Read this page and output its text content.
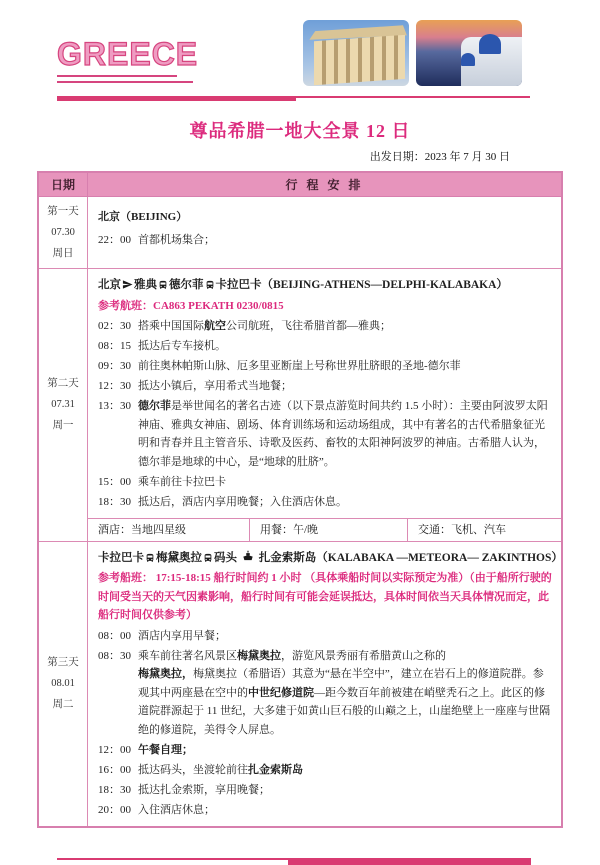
GREECE
尊品希腊一地大全景 12 日
出发日期：2023 年 7 月 30 日
日期	行 程 安 排
第一天
07.30
周日
北京（BEIJING）
22：00 首都机场集合；
第二天
07.31
周一
北京 雅典 德尔菲 卡拉巴卡（BEIJING-ATHENS—DELPHI-KALABAKA）
参考航班：CA863 PEKATH 0230/0815
02：30 搭乘中国国际航空公司航班，飞往希腊首都—雅典；
08：15 抵达后专车接机。
09：30 前往奥林帕斯山脉、厄多里亚断崖上号称世界肚脐眼的圣地-德尔菲
12：30 抵达小镇后，享用希式当地餐；
13：30 德尔菲是举世闻名的著名古迹（以下景点游览时间共约 1.5 小时）：主要由阿波罗太阳神庙、雅典女神庙、剧场、体育训练场和运动场组成，其中有著名的古代希腊象征光明和青春并且主管音乐、诗歌及医药、畜牧的太阳神阿波罗的神庙。古希腊人认为，德尔菲是地球的中心，是“地球的肚脐”。
15：00 乘车前往卡拉巴卡
18：30 抵达后，酒店内享用晚餐；入住酒店休息。
酒店：当地四星级	用餐：午/晚	交通：飞机、汽车
第三天
08.01
周二
卡拉巴卡 梅黛奥拉 码头 扎金索斯岛（KALABAKA —METEORA— ZAKINTHOS）
参考船班： 17:15-18:15 船行时间约 1 小时 （具体乘船时间以实际预定为准）（由于船所行驶的时间受当天的天气因素影响，船行时间有可能会延误抵达，具体时间依当天具体情况而定，此船行时间仅供参考）
08：00 酒店内享用早餐；
08：30 乘车前往著名风景区梅黛奥拉，游览风景秀丽有希腊黄山之称的
梅黛奥拉，梅黛奥拉（希腊语）其意为“悬在半空中”，建立在岩石上的修道院群。参观其中两座悬在空中的中世纪修道院—距今数百年前被建在峭壁秃石之上。此区的修道院群源起于 11 世纪，大多建于如黄山巨石般的山巅之上，山崖绝壁上一座座与世隔绝的修道院，美得令人屏息。
12：00 午餐自理；
16：00 抵达码头，坐渡轮前往扎金索斯岛
18：30 抵达扎金索斯，享用晚餐；
20：00 入住酒店休息；
